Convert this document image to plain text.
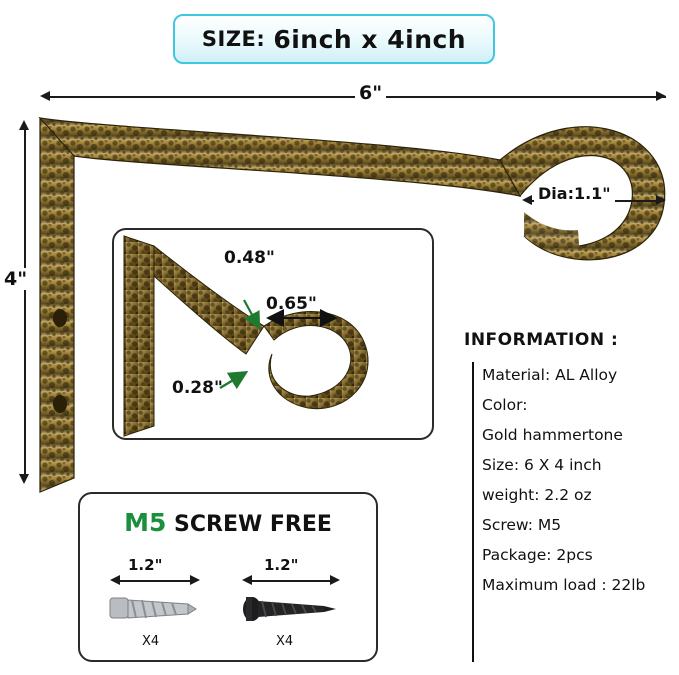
SIZE: 6inch x 4inch
6"
4"
Dia:1.1"
0.48"
0.65"
0.28"
INFORMATION :
Material: AL Alloy
Color:
Gold hammertone
Size: 6 X 4 inch
weight: 2.2 oz
Screw: M5
Package: 2pcs
Maximum load : 22lb
M5 SCREW FREE
1.2"	1.2"
X4	X4
